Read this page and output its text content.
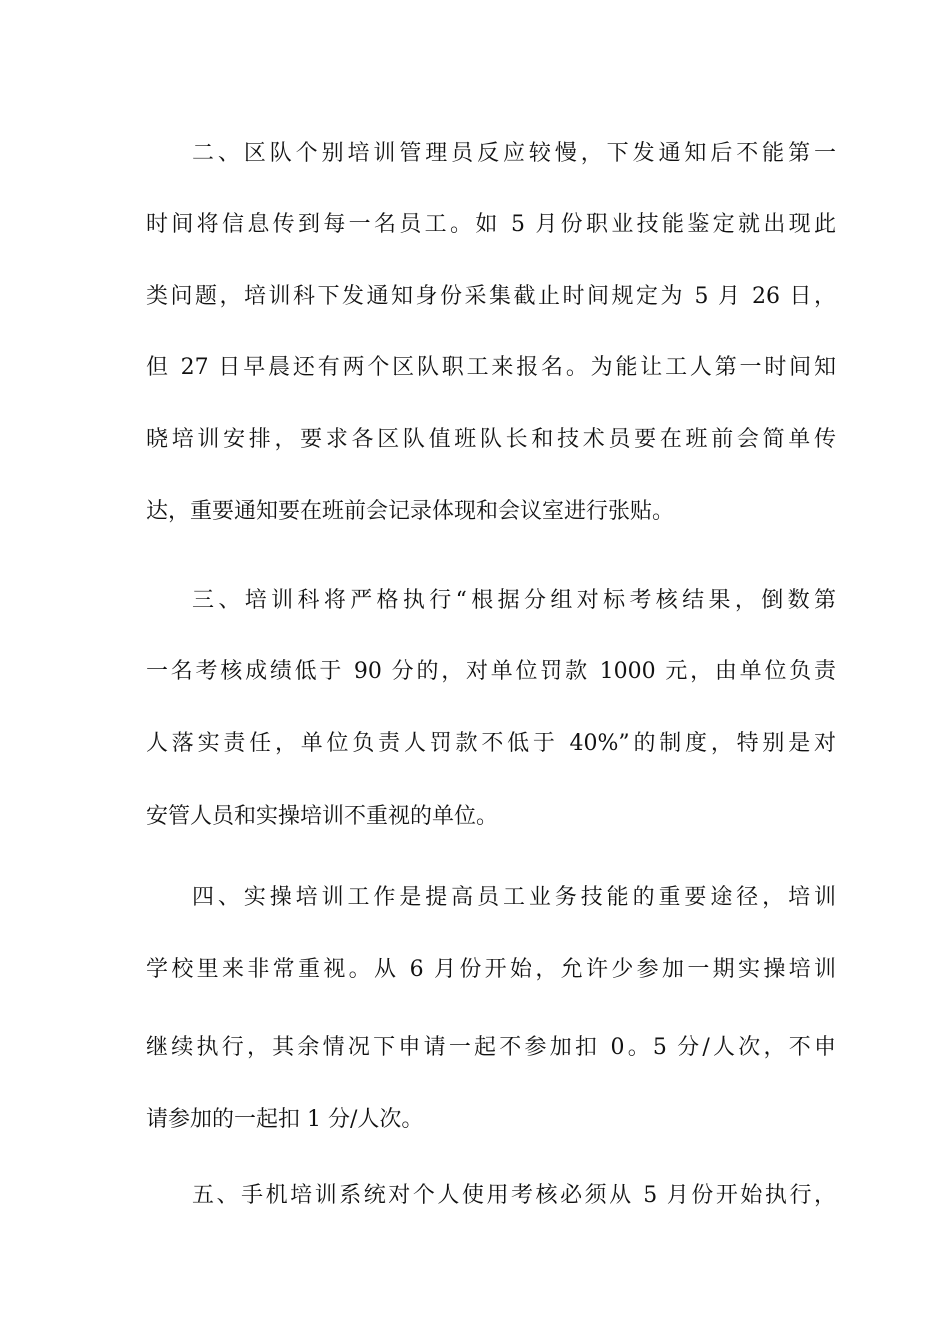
二、区队个别培训管理员反应较慢，下发通知后不能第一
时间将信息传到每一名员工。如 5 月份职业技能鉴定就出现此
类问题，培训科下发通知身份采集截止时间规定为 5 月 26 日，
但 27 日早晨还有两个区队职工来报名。为能让工人第一时间知
晓培训安排，要求各区队值班队长和技术员要在班前会简单传
达，重要通知要在班前会记录体现和会议室进行张贴。
三、培训科将严格执行“根据分组对标考核结果，倒数第
一名考核成绩低于 90 分的，对单位罚款 1000 元，由单位负责
人落实责任，单位负责人罚款不低于 40%”的制度，特别是对
安管人员和实操培训不重视的单位。
四、实操培训工作是提高员工业务技能的重要途径，培训
学校里来非常重视。从 6 月份开始，允许少参加一期实操培训
继续执行，其余情况下申请一起不参加扣 0。5 分/人次，不申
请参加的一起扣 1 分/人次。
五、手机培训系统对个人使用考核必须从 5 月份开始执行，
